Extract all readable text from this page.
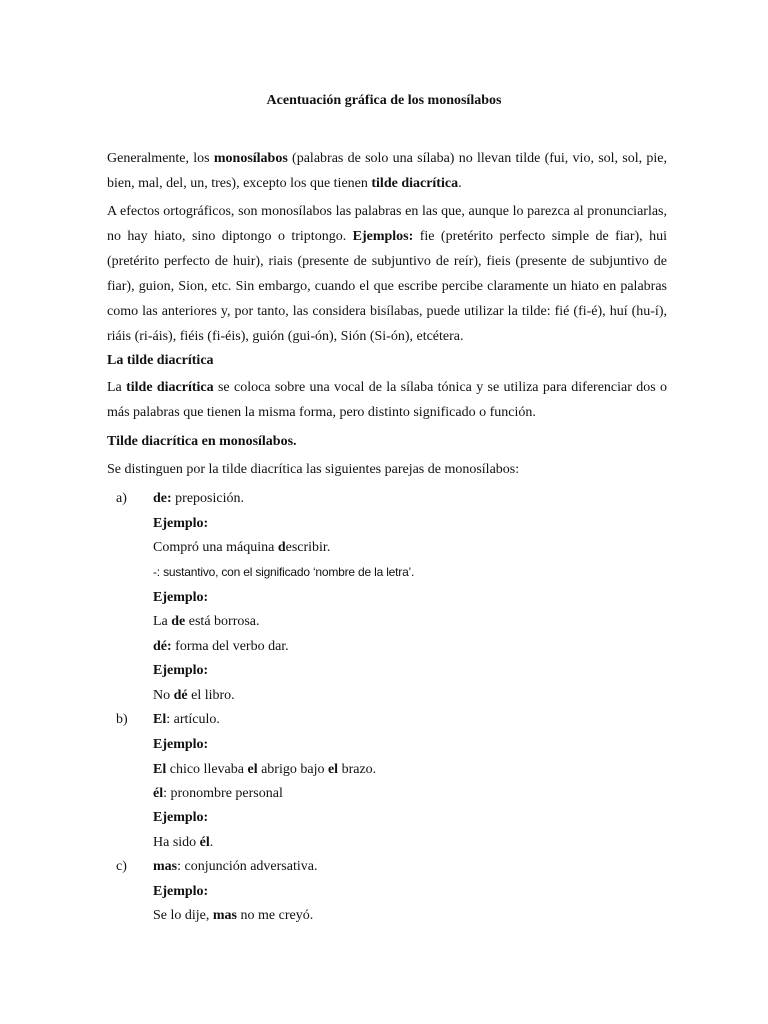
Acentuación gráfica de los monosílabos
Generalmente, los monosílabos (palabras de solo una sílaba) no llevan tilde (fui, vio, sol, sol, pie, bien, mal, del, un, tres), excepto los que tienen tilde diacrítica.
A efectos ortográficos, son monosílabos las palabras en las que, aunque lo parezca al pronunciarlas, no hay hiato, sino diptongo o triptongo. Ejemplos: fie (pretérito perfecto simple de fiar), hui (pretérito perfecto de huir), riais (presente de subjuntivo de reír), fieis (presente de subjuntivo de fiar), guion, Sion, etc. Sin embargo, cuando el que escribe percibe claramente un hiato en palabras como las anteriores y, por tanto, las considera bisílabas, puede utilizar la tilde: fié (fi-é), huí (hu-í), riáis (ri-áis), fiéis (fi-éis), guión (gui-ón), Sión (Si-ón), etcétera.
La tilde diacrítica
La tilde diacrítica se coloca sobre una vocal de la sílaba tónica y se utiliza para diferenciar dos o más palabras que tienen la misma forma, pero distinto significado o función.
Tilde diacrítica en monosílabos.
Se distinguen por la tilde diacrítica las siguientes parejas de monosílabos:
a) de: preposición.
Ejemplo:
Compró una máquina describir.
-: sustantivo, con el significado ‘nombre de la letra’.
Ejemplo:
La de está borrosa.
dé: forma del verbo dar.
Ejemplo:
No dé el libro.
b) El: artículo.
Ejemplo:
El chico llevaba el abrigo bajo el brazo.
él: pronombre personal
Ejemplo:
Ha sido él.
c) mas: conjunción adversativa.
Ejemplo:
Se lo dije, mas no me creyó.
